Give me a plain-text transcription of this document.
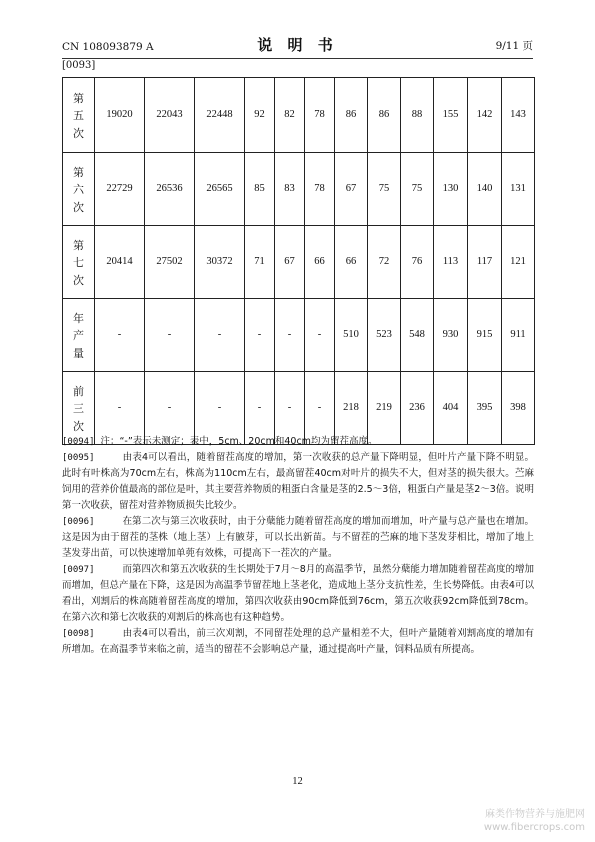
CN 108093879 A	说 明 书	9/11 页
[0093]
第
五
次	19020	22043	22448	92	82	78	86	86	88	155	142	143

第
六
次	22729	26536	26565	85	83	78	67	75	75	130	140	131

第
七
次	20414	27502	30372	71	67	66	66	72	76	113	117	121

年
产
量	-	-	-	-	-	-	510	523	548	930	915	911

前
三
次	-	-	-	-	-	-	218	219	236	404	395	398
[0094] 注：“-”表示未测定；表中，5cm、20cm和40cm均为留茬高度。
[0095]	由表4可以看出，随着留茬高度的增加，第一次收获的总产量下降明显，但叶片产量下降不明显。此时有叶株高为70cm左右，株高为110cm左右，最高留茬40cm对叶片的损失不大，但对茎的损失很大。苎麻饲用的营养价值最高的部位是叶，其主要营养物质的粗蛋白含量是茎的2.5～3倍，粗蛋白产量是茎2～3倍。说明第一次收获，留茬对营养物质损失比较少。
[0096]	在第二次与第三次收获时，由于分蘖能力随着留茬高度的增加而增加，叶产量与总产量也在增加。这是因为由于留茬的茎株（地上茎）上有腋芽，可以长出新苗。与不留茬的苎麻的地下茎发芽相比，增加了地上茎发芽出苗，可以快速增加单蔸有效株，可提高下一茬次的产量。
[0097]	而第四次和第五次收获的生长期处于7月～8月的高温季节，虽然分蘖能力增加随着留茬高度的增加而增加，但总产量在下降，这是因为高温季节留茬地上茎老化，造成地上茎分支抗性差，生长势降低。由表4可以看出，刈割后的株高随着留茬高度的增加，第四次收获由90cm降低到76cm，第五次收获92cm降低到78cm。在第六次和第七次收获的刈割后的株高也有这种趋势。
[0098]	由表4可以看出，前三次刈割，不同留茬处理的总产量相差不大，但叶产量随着刈割高度的增加有所增加。在高温季节来临之前，适当的留茬不会影响总产量，通过提高叶产量，饲料品质有所提高。
12
麻类作物营养与施肥网
www.fibercrops.com
